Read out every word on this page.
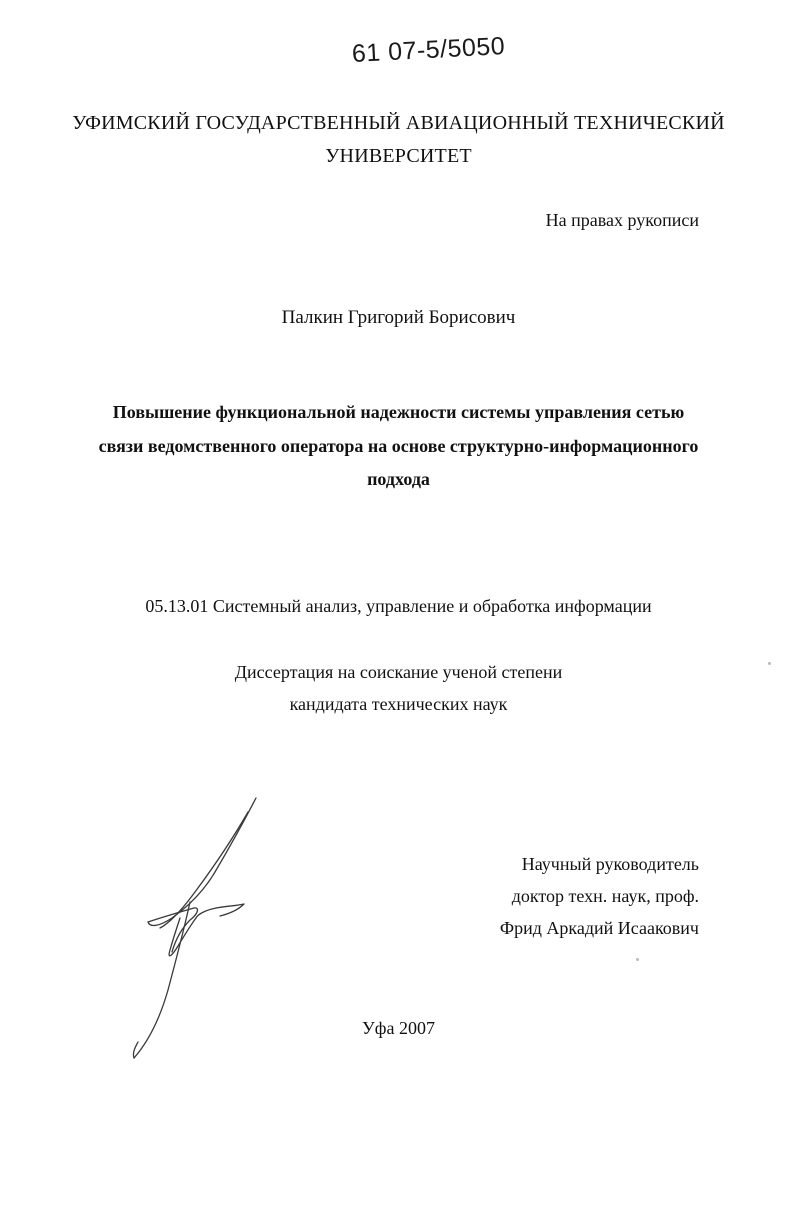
61 07-5/5050
УФИМСКИЙ ГОСУДАРСТВЕННЫЙ АВИАЦИОННЫЙ ТЕХНИЧЕСКИЙ
УНИВЕРСИТЕТ
На правах рукописи
Палкин Григорий Борисович
Повышение функциональной надежности системы управления сетью
связи ведомственного оператора на основе структурно-информационного
подхода
05.13.01 Системный анализ, управление и обработка информации
Диссертация на соискание ученой степени
кандидата технических наук
Научный руководитель
доктор техн. наук, проф.
Фрид Аркадий Исаакович
Уфа 2007
